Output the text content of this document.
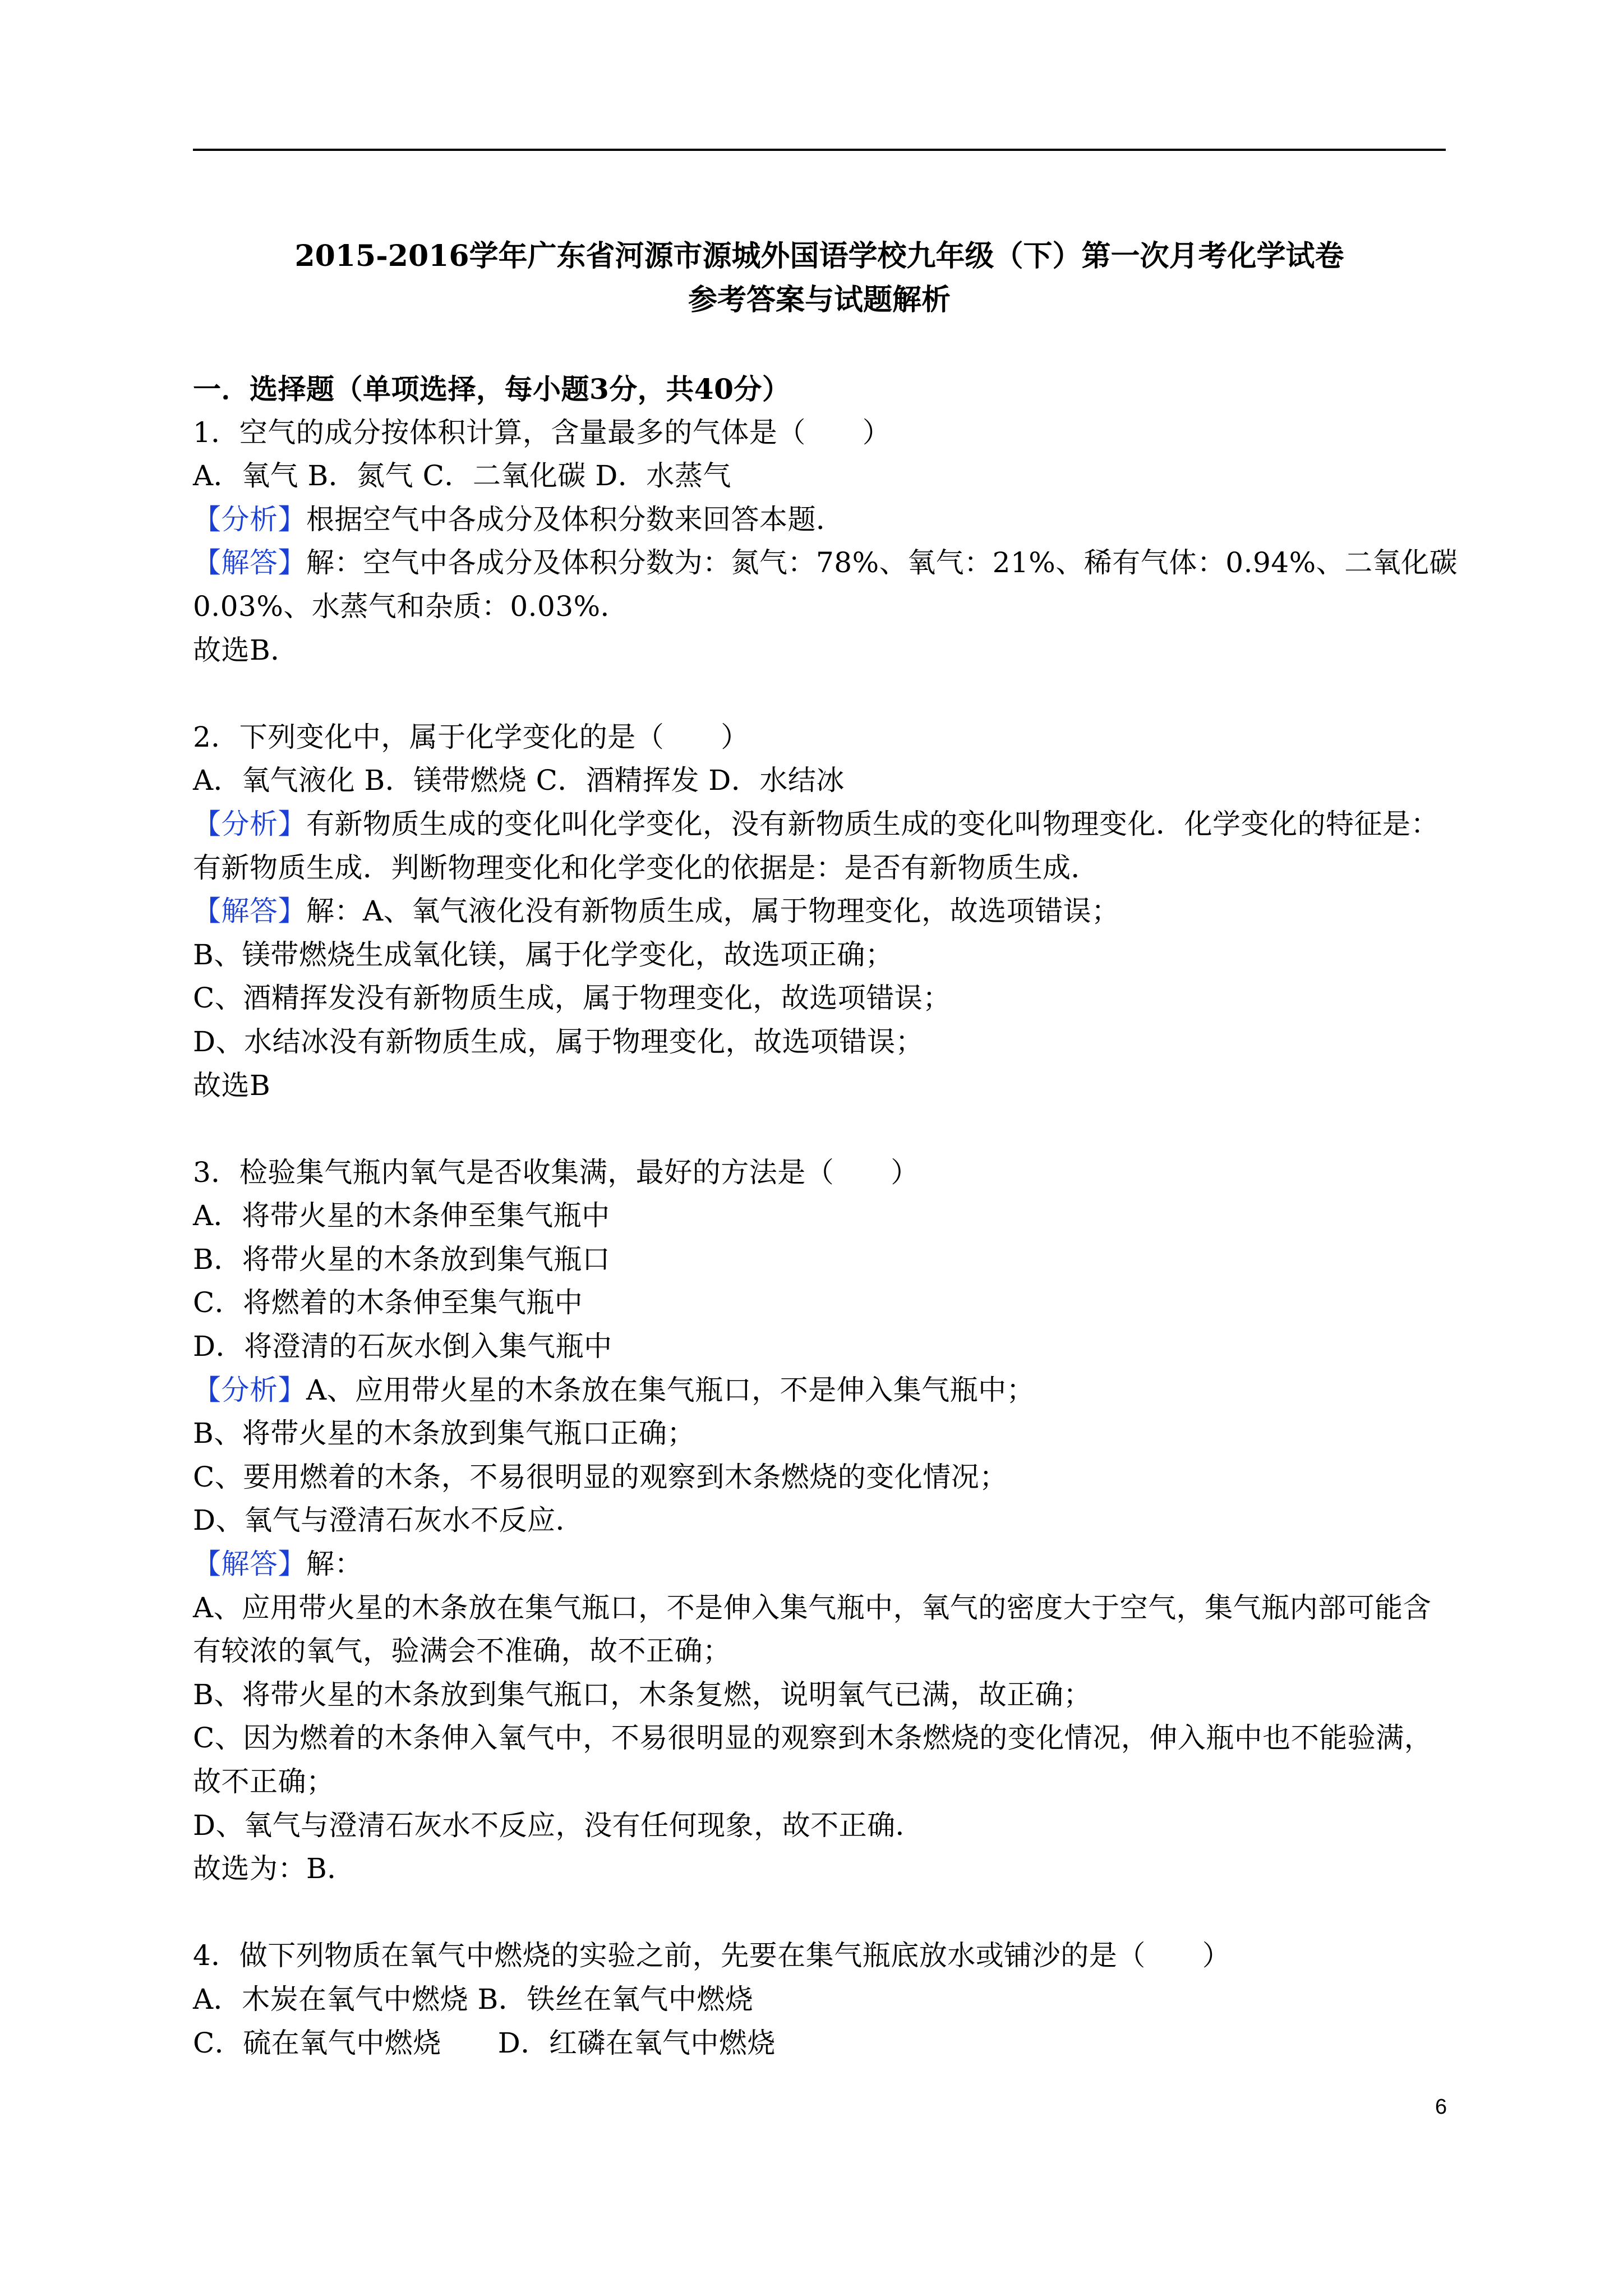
2015-2016学年广东省河源市源城外国语学校九年级（下）第一次月考化学试卷
参考答案与试题解析
一．选择题（单项选择，每小题3分，共40分）
1．空气的成分按体积计算，含量最多的气体是（　　）
A．氧气 B．氮气 C．二氧化碳 D．水蒸气
【分析】根据空气中各成分及体积分数来回答本题．
【解答】解：空气中各成分及体积分数为：氮气：78%、氧气：21%、稀有气体：0.94%、二氧化碳
0.03%、水蒸气和杂质：0.03%．
故选B．
2．下列变化中，属于化学变化的是（　　）
A．氧气液化 B．镁带燃烧 C．酒精挥发 D．水结冰
【分析】有新物质生成的变化叫化学变化，没有新物质生成的变化叫物理变化．化学变化的特征是：
有新物质生成．判断物理变化和化学变化的依据是：是否有新物质生成．
【解答】解：A、氧气液化没有新物质生成，属于物理变化，故选项错误；
B、镁带燃烧生成氧化镁，属于化学变化，故选项正确；
C、酒精挥发没有新物质生成，属于物理变化，故选项错误；
D、水结冰没有新物质生成，属于物理变化，故选项错误；
故选B
3．检验集气瓶内氧气是否收集满，最好的方法是（　　）
A．将带火星的木条伸至集气瓶中
B．将带火星的木条放到集气瓶口
C．将燃着的木条伸至集气瓶中
D．将澄清的石灰水倒入集气瓶中
【分析】A、应用带火星的木条放在集气瓶口，不是伸入集气瓶中；
B、将带火星的木条放到集气瓶口正确；
C、要用燃着的木条，不易很明显的观察到木条燃烧的变化情况；
D、氧气与澄清石灰水不反应．
【解答】解：
A、应用带火星的木条放在集气瓶口，不是伸入集气瓶中，氧气的密度大于空气，集气瓶内部可能含
有较浓的氧气，验满会不准确，故不正确；
B、将带火星的木条放到集气瓶口，木条复燃，说明氧气已满，故正确；
C、因为燃着的木条伸入氧气中，不易很明显的观察到木条燃烧的变化情况，伸入瓶中也不能验满，
故不正确；
D、氧气与澄清石灰水不反应，没有任何现象，故不正确．
故选为：B．
4．做下列物质在氧气中燃烧的实验之前，先要在集气瓶底放水或铺沙的是（　　）
A．木炭在氧气中燃烧 B．铁丝在氧气中燃烧
C．硫在氧气中燃烧　　D．红磷在氧气中燃烧
6
